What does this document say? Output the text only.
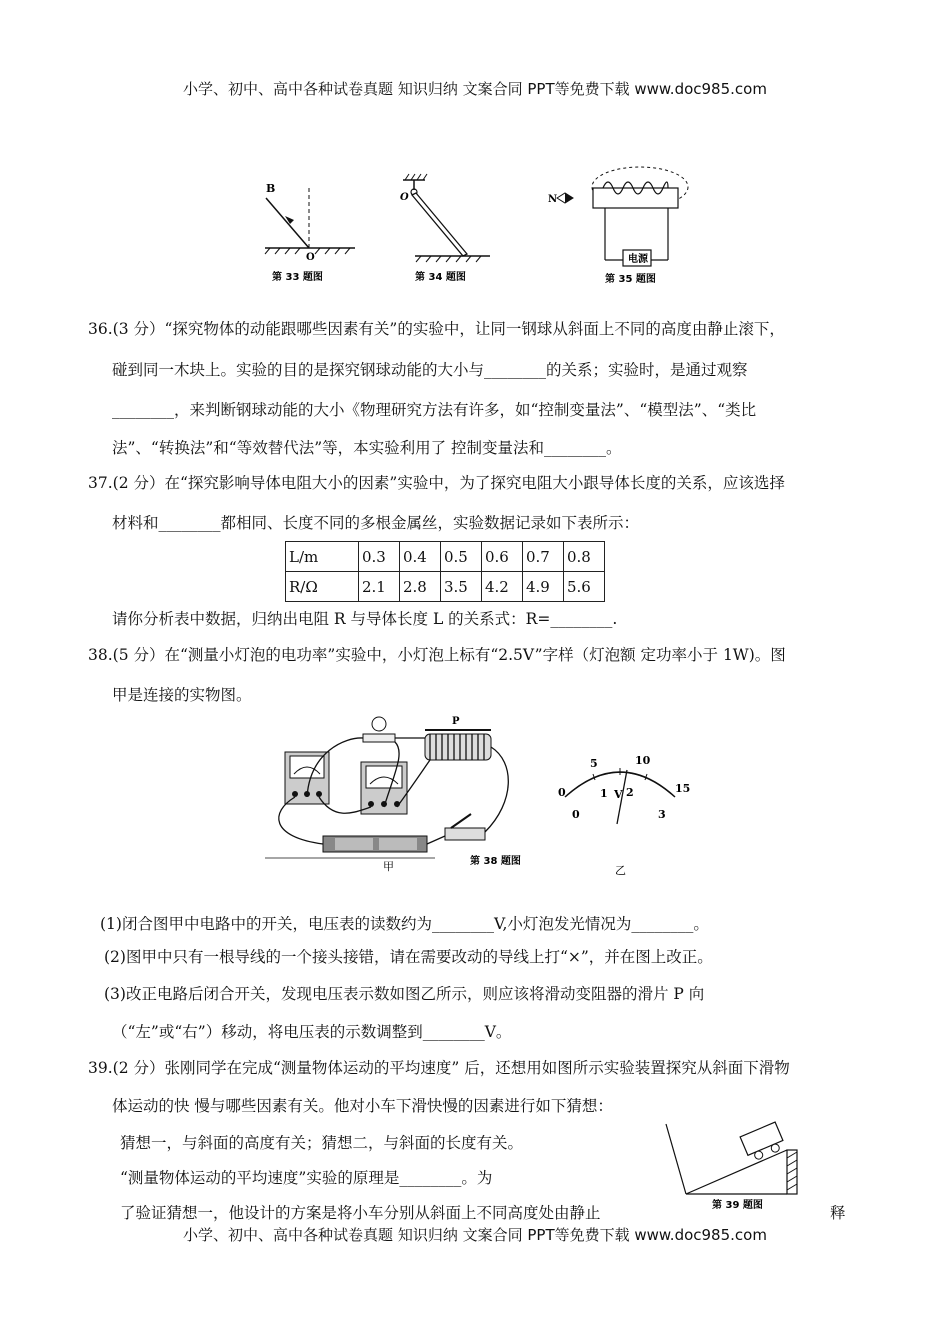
小学、初中、高中各种试卷真题 知识归纳 文案合同 PPT等免费下载 www.doc985.com
B
O
第 33 题图
O
第 34 题图
N
电源
第 35 题图
36.(3 分）“探究物体的动能跟哪些因素有关”的实验中，让同一钢球从斜面上不同的高度由静止滚下，
碰到同一木块上。实验的目的是探究钢球动能的大小与________的关系；实验时，是通过观察
________，来判断钢球动能的大小《物理研究方法有许多，如“控制变量法”、“模型法”、“类比
法”、“转换法”和“等效替代法”等，本实验利用了 控制变量法和________。
37.(2 分）在“探究影响导体电阻大小的因素”实验中，为了探究电阻大小跟导体长度的关系，应该选择
材料和________都相同、长度不同的多根金属丝，实验数据记录如下表所示：
L/m	0.3	0.4	0.5	0.6	0.7	0.8
R/Ω	2.1	2.8	3.5	4.2	4.9	5.6
请你分析表中数据，归纳出电阻 R 与导体长度 L 的关系式：R=________.
38.(5 分）在“测量小灯泡的电功率”实验中，小灯泡上标有“2.5V”字样（灯泡额 定功率小于 1W)。图
甲是连接的实物图。
P
甲	第 38 题图
0
5	10
15
0
1 2
3
V
乙
(1)闭合图甲中电路中的开关，电压表的读数约为________V,小灯泡发光情况为________。
(2)图甲中只有一根导线的一个接头接错，请在需要改动的导线上打“×”，并在图上改正。
(3)改正电路后闭合开关，发现电压表示数如图乙所示，则应该将滑动变阻器的滑片 P 向
（“左”或“右”）移动，将电压表的示数调整到________V。
39.(2 分）张刚同学在完成“测量物体运动的平均速度” 后，还想用如图所示实验装置探究从斜面下滑物
体运动的快 慢与哪些因素有关。他对小车下滑快慢的因素进行如下猜想：
猜想一，与斜面的高度有关；猜想二，与斜面的长度有关。
“测量物体运动的平均速度”实验的原理是________。为
了验证猜想一，他设计的方案是将小车分别从斜面上不同高度处由静止	释
第 39 题图
小学、初中、高中各种试卷真题 知识归纳 文案合同 PPT等免费下载 www.doc985.com
